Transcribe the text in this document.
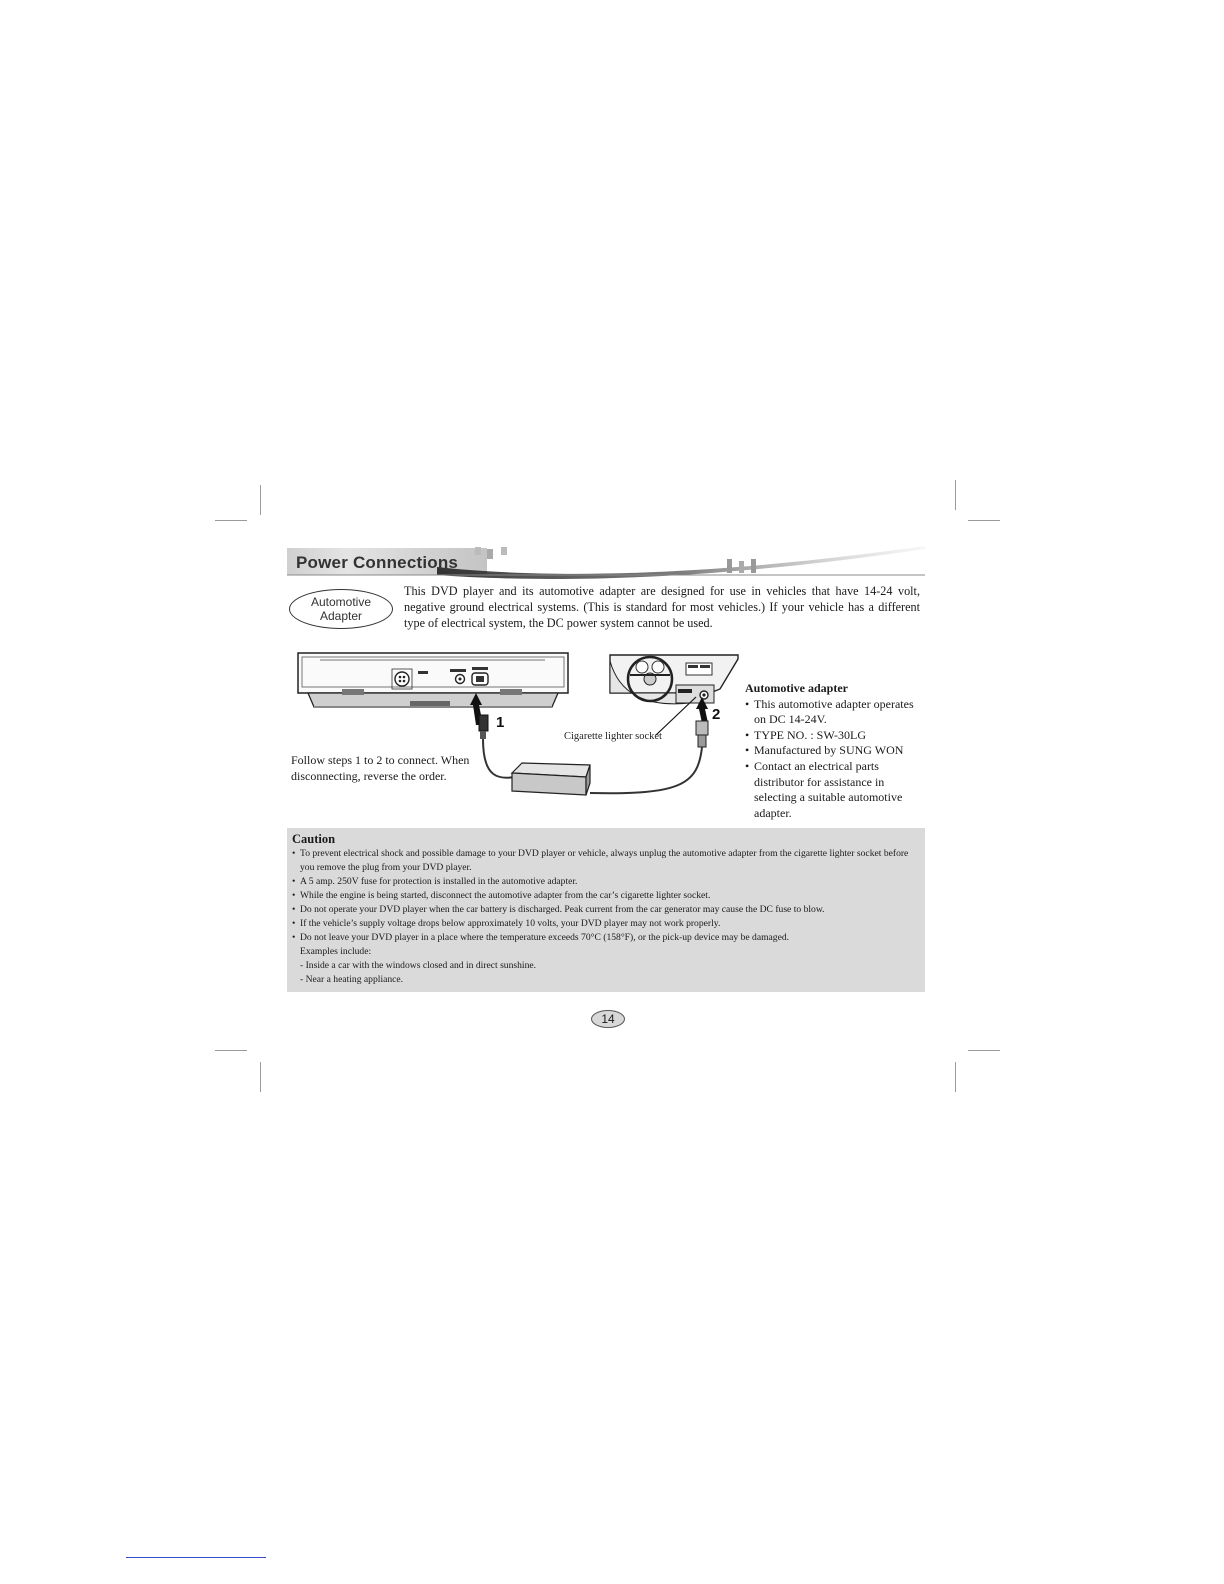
Power Connections
Automotive
Adapter
This DVD player and its automotive adapter are designed for use in vehicles that have 14-24 volt, negative ground electrical systems. (This is standard for most vehicles.) If your vehicle has a different type of electrical system, the DC power system cannot be used.
1
Cigarette lighter socket
2
Follow steps 1 to 2 to connect. When disconnecting, reverse the order.
Automotive adapter
• This automotive adapter operates on DC 14-24V.
• TYPE NO. : SW-30LG
• Manufactured by SUNG WON
• Contact an electrical parts distributor for assistance in selecting a suitable automotive adapter.
Caution
• To prevent electrical shock and possible damage to your DVD player or vehicle, always unplug the automotive adapter from the cigarette lighter socket before you remove the plug from your DVD player.
• A 5 amp. 250V fuse for protection is installed in the automotive adapter.
• While the engine is being started, disconnect the automotive adapter from the car’s cigarette lighter socket.
• Do not operate your DVD player when the car battery is discharged. Peak current from the car generator may cause the DC fuse to blow.
• If the vehicle’s supply voltage drops below approximately 10 volts, your DVD player may not work properly.
• Do not leave your DVD player in a place where the temperature exceeds 70°C (158°F), or the pick-up device may be damaged.
Examples include:
- Inside a car with the windows closed and in direct sunshine.
- Near a heating appliance.
14
